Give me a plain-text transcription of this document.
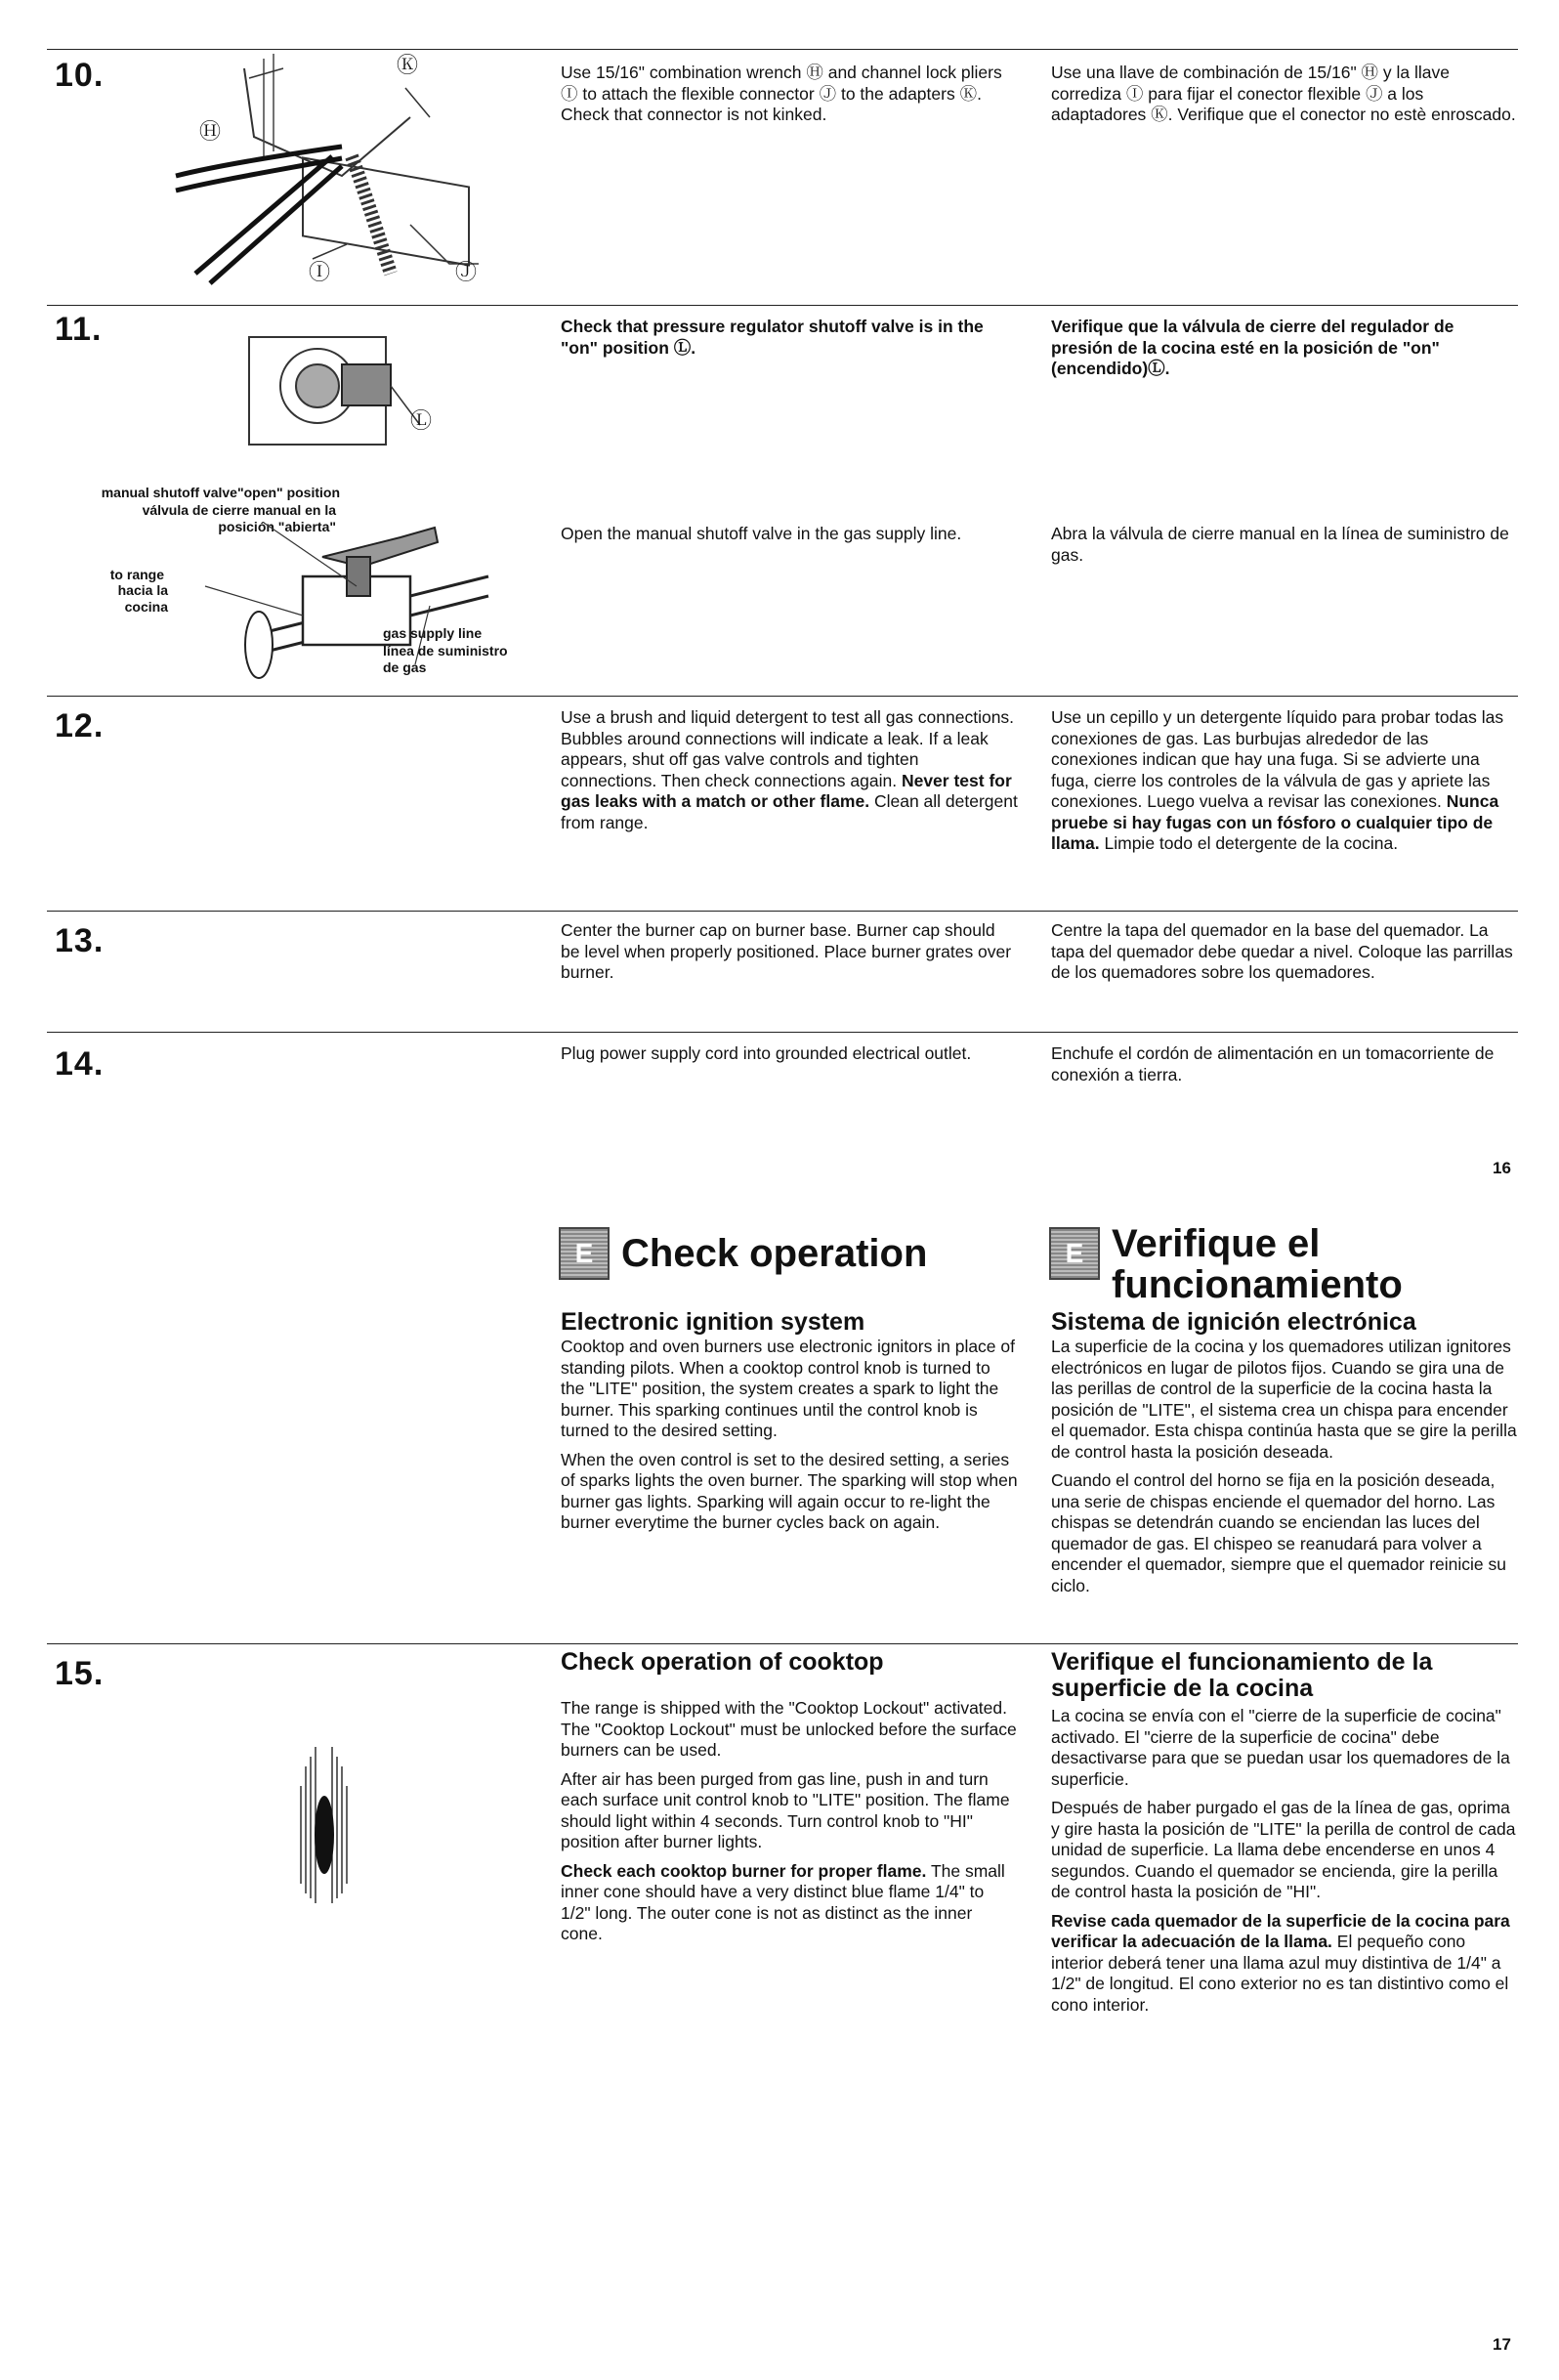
10.	Ⓚ
Ⓗ
Ⓘ	Ⓙ
Use 15/16" combination wrench Ⓗ and channel lock pliers Ⓘ to attach the flexible connector Ⓙ to the adapters Ⓚ. Check that connector is not kinked.
Use una llave de combinación de 15/16" Ⓗ y la llave corrediza Ⓘ para fijar el conector flexible Ⓙ a los adaptadores Ⓚ. Verifique que el conector no estè enroscado.
11.
Ⓛ
Check that pressure regulator shutoff valve is in the "on" position Ⓛ.
Verifique que la válvula de cierre del regulador de presión de la cocina esté en la posición de "on" (encendido)Ⓛ.
manual shutoff valve"open" position
válvula de cierre manual en la posición "abierta"
to range
hacia la cocina
gas supply line
línea de suministro de gas
Open the manual shutoff valve in the gas supply line.	Abra la válvula de cierre manual en la línea de suministro de gas.
12.	Use a brush and liquid detergent to test all gas connections. Bubbles around connections will indicate a leak. If a leak appears, shut off gas valve controls and tighten connections. Then check connections again. Never test for gas leaks with a match or other flame. Clean all detergent from range.
Use un cepillo y un detergente líquido para probar todas las conexiones de gas. Las burbujas alrededor de las conexiones indican que hay una fuga. Si se advierte una fuga, cierre los controles de la válvula de gas y apriete las conexiones. Luego vuelva a revisar las conexiones. Nunca pruebe si hay fugas con un fósforo o cualquier tipo de llama. Limpie todo el detergente de la cocina.
13.	Center the burner cap on burner base. Burner cap should be level when properly positioned. Place burner grates over burner.
Centre la tapa del quemador en la base del quemador. La tapa del quemador debe quedar a nivel. Coloque las parrillas de los quemadores sobre los quemadores.
14.	Plug power supply cord into grounded electrical outlet.	Enchufe el cordón de alimentación en un tomacorriente de conexión a tierra.
16
E Check operation	E Verifique el
funcionamiento
Electronic ignition system	Sistema de ignición electrónica

Cooktop and oven burners use electronic ignitors in place of standing pilots. When a cooktop control knob is turned to the "LITE" position, the system creates a spark to light the burner. This sparking continues until the control knob is turned to the desired setting.

When the oven control is set to the desired setting, a series of sparks lights the oven burner. The sparking will stop when burner gas lights. Sparking will again occur to re-light the burner everytime the burner cycles back on again.

La superficie de la cocina y los quemadores utilizan ignitores electrónicos en lugar de pilotos fijos. Cuando se gira una de las perillas de control de la superficie de la cocina hasta la posición de "LITE", el sistema crea un chispa para encender el quemador. Esta chispa continúa hasta que se gire la perilla de control hasta la posición deseada.

Cuando el control del horno se fija en la posición deseada, una serie de chispas enciende el quemador del horno. Las chispas se detendrán cuando se enciendan las luces del quemador de gas. El chispeo se reanudará para volver a encender el quemador, siempre que el quemador reinicie su ciclo.

15.	Check operation of cooktop	Verifique el funcionamiento de la superficie de la cocina

The range is shipped with the "Cooktop Lockout" activated. The "Cooktop Lockout" must be unlocked before the surface burners can be used.

After air has been purged from gas line, push in and turn each surface unit control knob to "LITE" position. The flame should light within 4 seconds. Turn control knob to "HI" position after burner lights.

Check each cooktop burner for proper flame. The small inner cone should have a very distinct blue flame 1/4" to 1/2" long. The outer cone is not as distinct as the inner cone.

La cocina se envía con el "cierre de la superficie de cocina" activado. El "cierre de la superficie de cocina" debe desactivarse para que se puedan usar los quemadores de la superficie.

Después de haber purgado el gas de la línea de gas, oprima y gire hasta la posición de "LITE" la perilla de control de cada unidad de superficie. La llama debe encenderse en unos 4 segundos. Cuando el quemador se encienda, gire la perilla de control hasta la posición de "HI".

Revise cada quemador de la superficie de la cocina para verificar la adecuación de la llama. El pequeño cono interior deberá tener una llama azul muy distintiva de 1/4" a 1/2" de longitud. El cono exterior no es tan distintivo como el cono interior.

17
